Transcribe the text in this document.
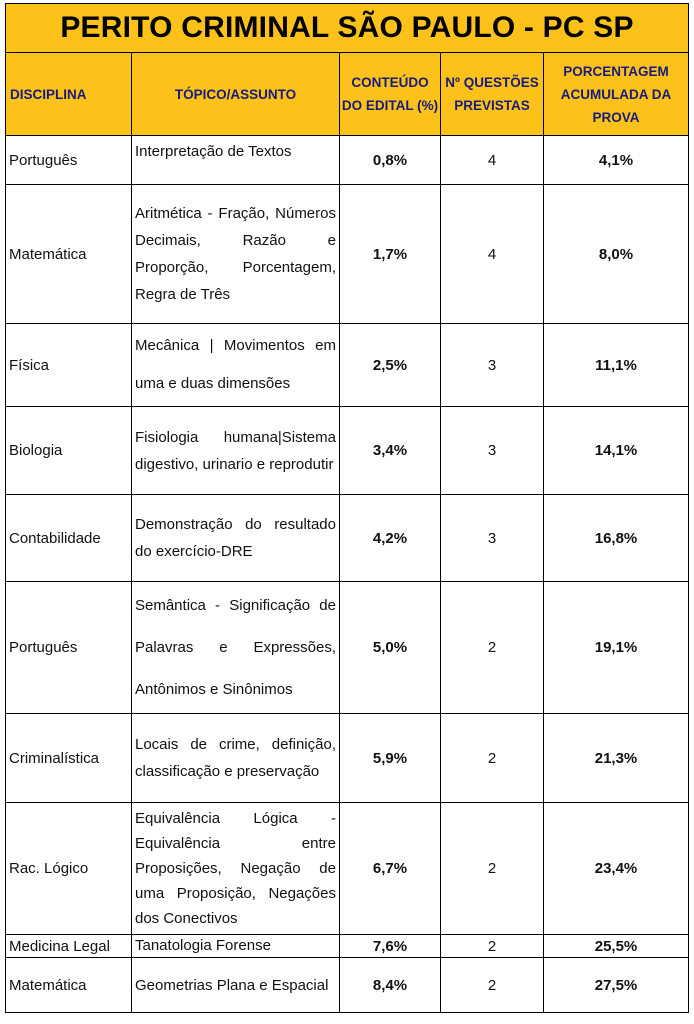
PERITO CRIMINAL SÃO PAULO - PC SP				
DISCIPLINA	TÓPICO/ASSUNTO	CONTEÚDO DO EDITAL (%)	Nº QUESTÕES PREVISTAS	PORCENTAGEM ACUMULADA DA PROVA
Português	Interpretação de Textos	0,8%	4	4,1%
Matemática	Aritmética - Fração, Números Decimais, Razão e Proporção, Porcentagem, Regra de Três	1,7%	4	8,0%
Física	Mecânica | Movimentos em uma e duas dimensões	2,5%	3	11,1%
Biologia	Fisiologia humana|Sistema digestivo, urinario e reprodutir	3,4%	3	14,1%
Contabilidade	Demonstração do resultado do exercício-DRE	4,2%	3	16,8%
Português	Semântica - Significação de Palavras e Expressões, Antônimos e Sinônimos	5,0%	2	19,1%
Criminalística	Locais de crime, definição, classificação e preservação	5,9%	2	21,3%
Rac. Lógico	Equivalência Lógica - Equivalência entre Proposições, Negação de uma Proposição, Negações dos Conectivos	6,7%	2	23,4%
Medicina Legal	Tanatologia Forense	7,6%	2	25,5%
Matemática	Geometrias Plana e Espacial	8,4%	2	27,5%
